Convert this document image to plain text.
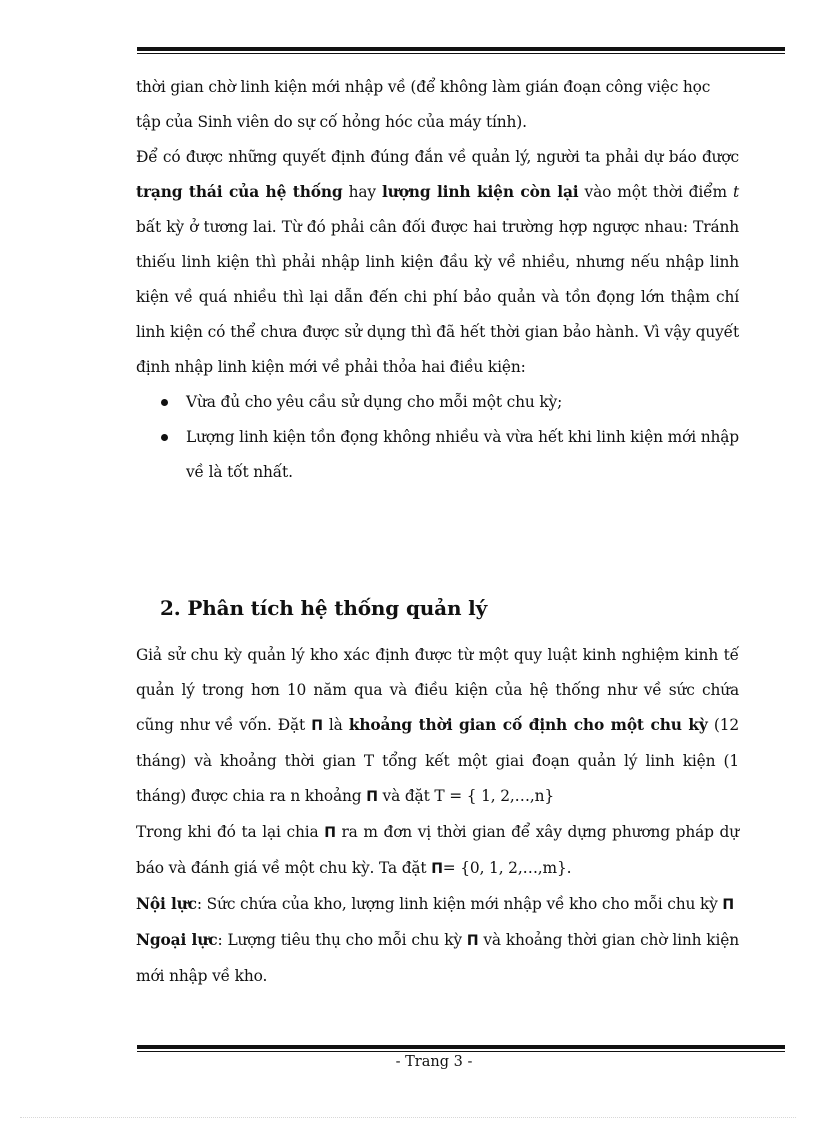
thời gian chờ linh kiện mới nhập về (để không làm gián đoạn công việc học tập của Sinh viên do sự cố hỏng hóc của máy tính).

Để có được những quyết định đúng đắn về quản lý, người ta phải dự báo được trạng thái của hệ thống hay lượng linh kiện còn lại vào một thời điểm t bất kỳ ở tương lai. Từ đó phải cân đối được hai trường hợp ngược nhau: Tránh thiếu linh kiện thì phải nhập linh kiện đầu kỳ về nhiều, nhưng nếu nhập linh kiện về quá nhiều thì lại dẫn đến chi phí bảo quản và tồn đọng lớn thậm chí linh kiện có thể chưa được sử dụng thì đã hết thời gian bảo hành. Vì vậy quyết định nhập linh kiện mới về phải thỏa hai điều kiện:

Vừa đủ cho yêu cầu sử dụng cho mỗi một chu kỳ;
Lượng linh kiện tồn đọng không nhiều và vừa hết khi linh kiện mới nhập về là tốt nhất.
2. Phân tích hệ thống quản lý

Giả sử chu kỳ quản lý kho xác định được từ một quy luật kinh nghiệm kinh tế quản lý trong hơn 10 năm qua và điều kiện của hệ thống như về sức chứa cũng như về vốn. Đặt Π là khoảng thời gian cố định cho một chu kỳ (12 tháng) và khoảng thời gian T tổng kết một giai đoạn quản lý linh kiện (1 tháng) được chia ra n khoảng Π và đặt T = { 1, 2,…,n}

Trong khi đó ta lại chia Π ra m đơn vị thời gian để xây dựng phương pháp dự báo và đánh giá về một chu kỳ. Ta đặt Π= {0, 1, 2,…,m}.

Nội lực: Sức chứa của kho, lượng linh kiện mới nhập về kho cho mỗi chu kỳ Π

Ngoại lực: Lượng tiêu thụ cho mỗi chu kỳ Π và khoảng thời gian chờ linh kiện mới nhập về kho.

- Trang 3 -
